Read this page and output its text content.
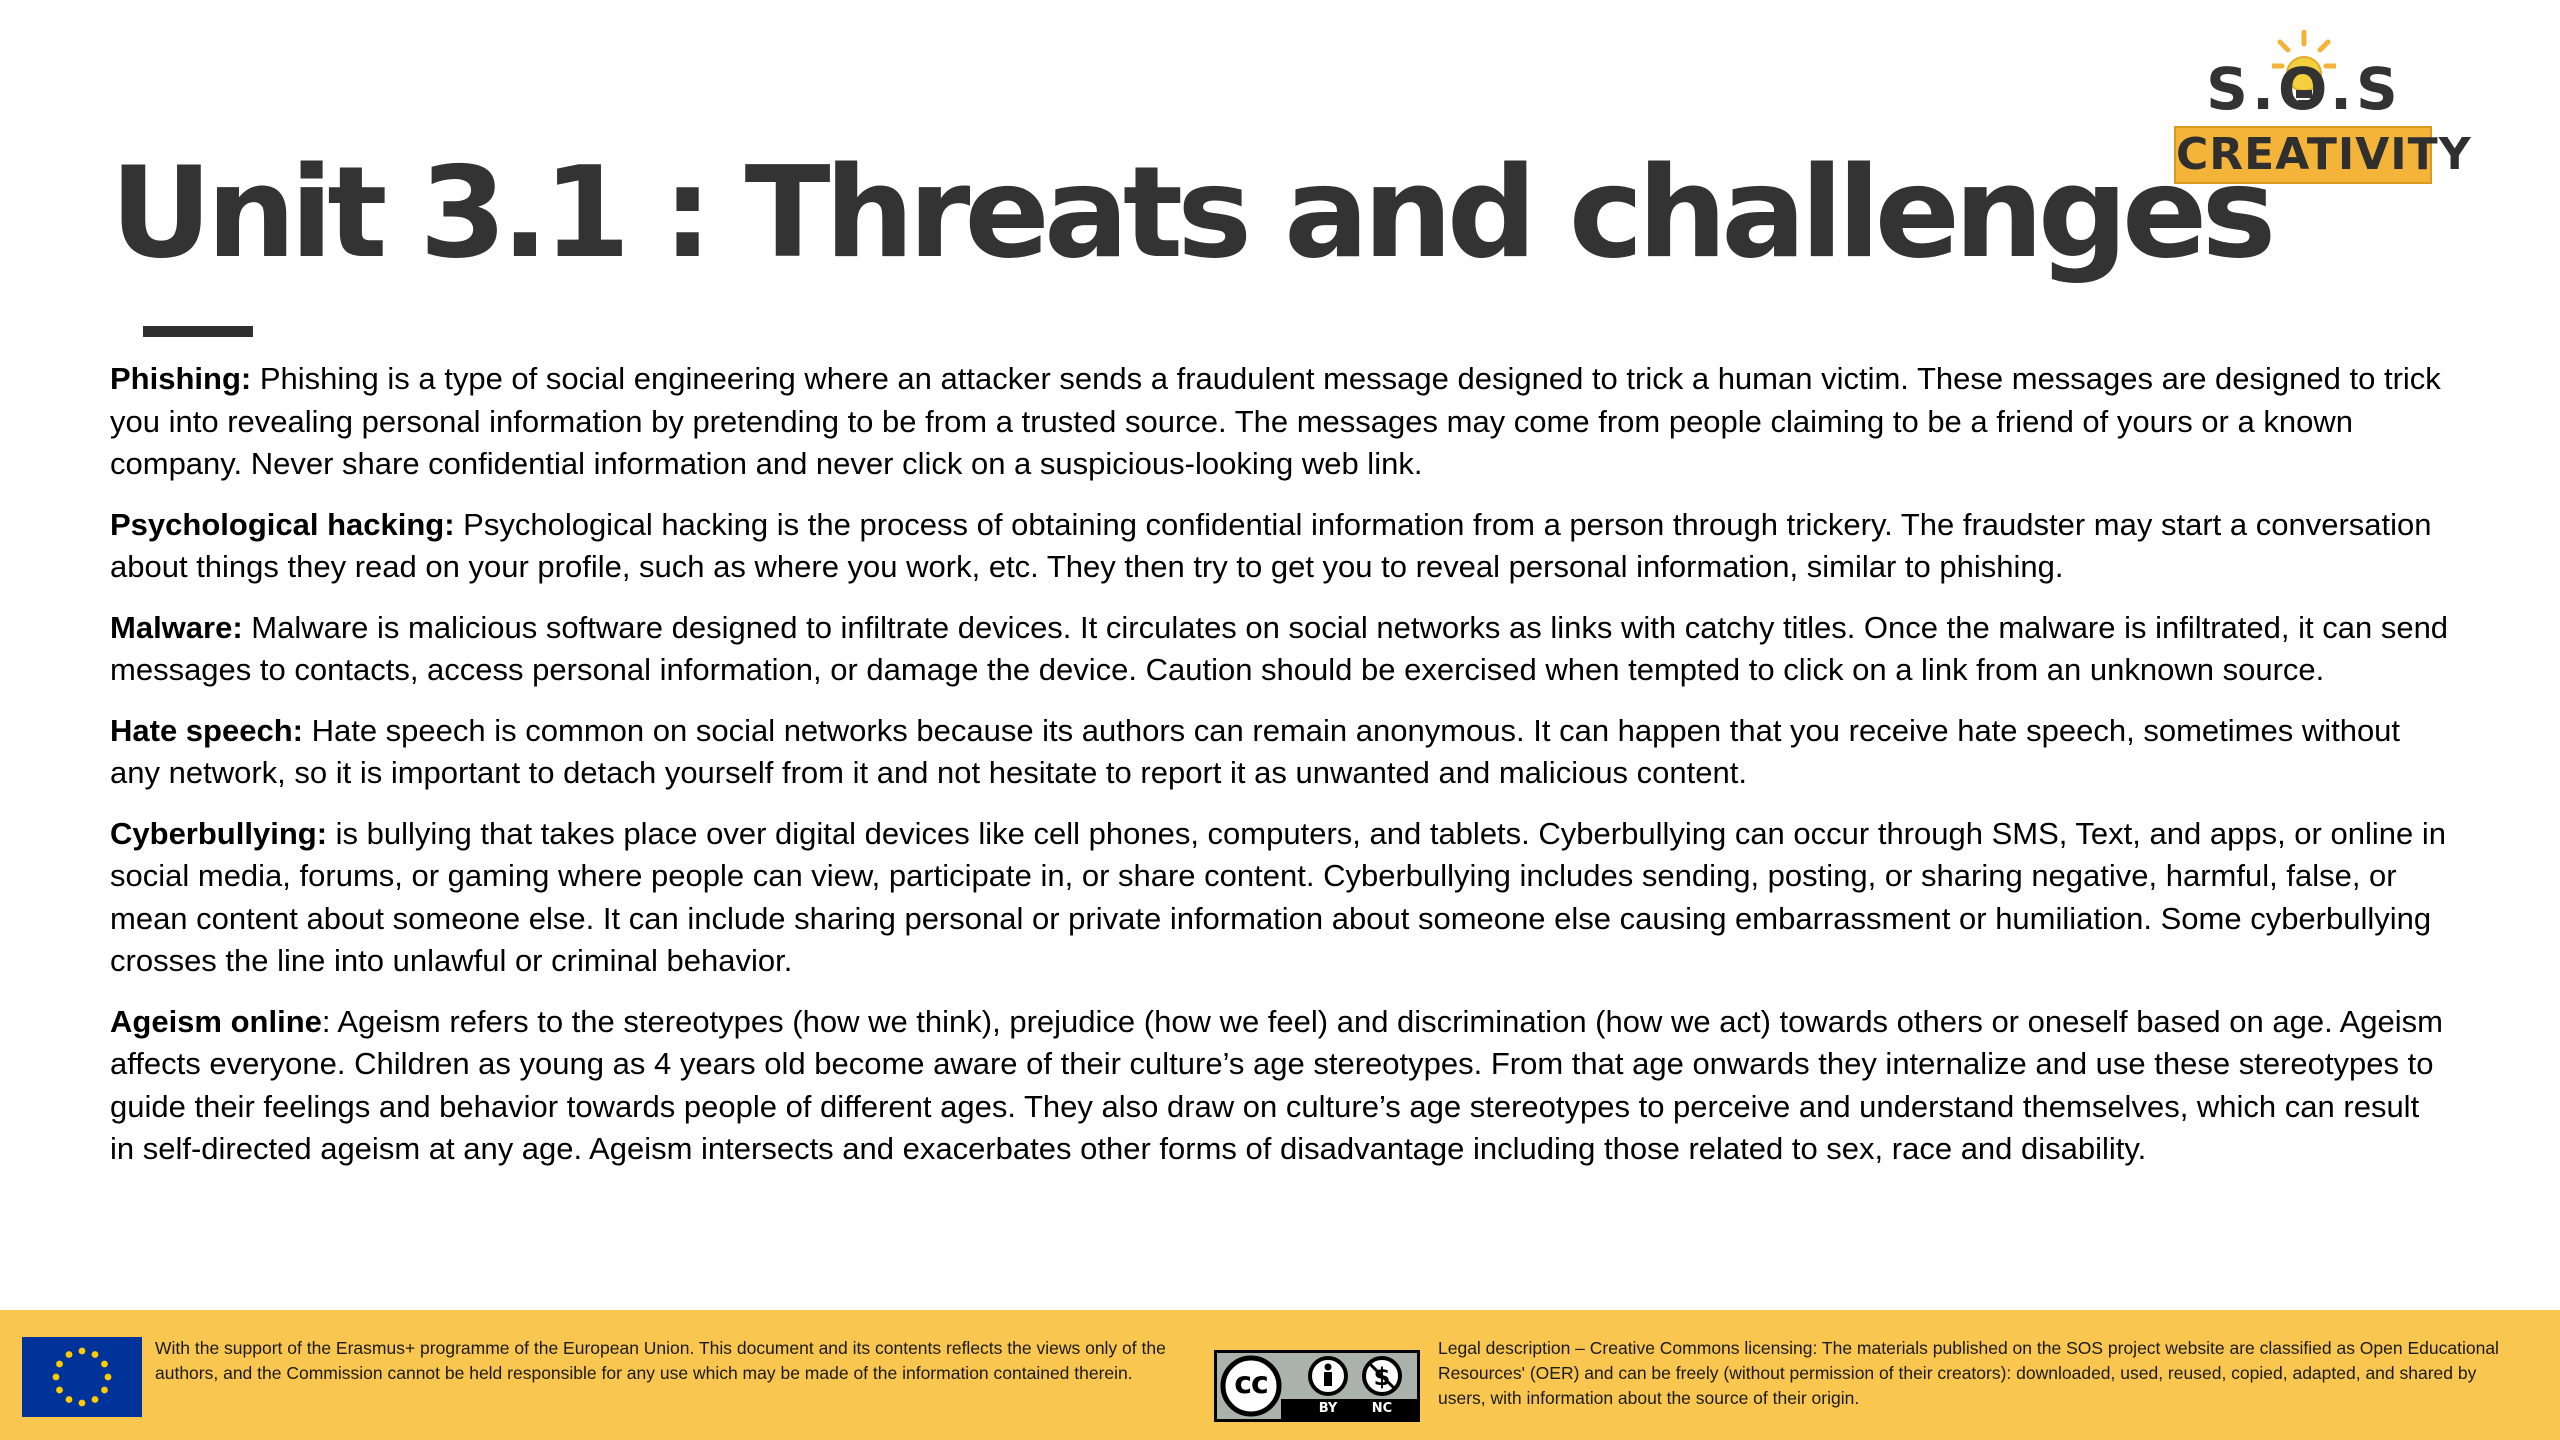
S.O.S
CREATIVITY
Unit 3.1 : Threats and challenges

Phishing: Phishing is a type of social engineering where an attacker sends a fraudulent message designed to trick a human victim. These messages are designed to trick you into revealing personal information by pretending to be from a trusted source. The messages may come from people claiming to be a friend of yours or a known company. Never share confidential information and never click on a suspicious-looking web link.

Psychological hacking: Psychological hacking is the process of obtaining confidential information from a person through trickery. The fraudster may start a conversation about things they read on your profile, such as where you work, etc. They then try to get you to reveal personal information, similar to phishing.

Malware: Malware is malicious software designed to infiltrate devices. It circulates on social networks as links with catchy titles. Once the malware is infiltrated, it can send messages to contacts, access personal information, or damage the device. Caution should be exercised when tempted to click on a link from an unknown source.

Hate speech: Hate speech is common on social networks because its authors can remain anonymous. It can happen that you receive hate speech, sometimes without any network, so it is important to detach yourself from it and not hesitate to report it as unwanted and malicious content.

Cyberbullying: is bullying that takes place over digital devices like cell phones, computers, and tablets. Cyberbullying can occur through SMS, Text, and apps, or online in social media, forums, or gaming where people can view, participate in, or share content. Cyberbullying includes sending, posting, or sharing negative, harmful, false, or mean content about someone else. It can include sharing personal or private information about someone else causing embarrassment or humiliation. Some cyberbullying crosses the line into unlawful or criminal behavior.

Ageism online: Ageism refers to the stereotypes (how we think), prejudice (how we feel) and discrimination (how we act) towards others or oneself based on age. Ageism affects everyone. Children as young as 4 years old become aware of their culture’s age stereotypes. From that age onwards they internalize and use these stereotypes to guide their feelings and behavior towards people of different ages. They also draw on culture’s age stereotypes to perceive and understand themselves, which can result in self-directed ageism at any age. Ageism intersects and exacerbates other forms of disadvantage including those related to sex, race and disability.

With the support of the Erasmus+ programme of the European Union. This document and its contents reflects the views only of the authors, and the Commission cannot be held responsible for any use which may be made of the information contained therein.	cc	$
BY	NC
Legal description – Creative Commons licensing: The materials published on the SOS project website are classified as Open Educational Resources' (OER) and can be freely (without permission of their creators): downloaded, used, reused, copied, adapted, and shared by users, with information about the source of their origin.
